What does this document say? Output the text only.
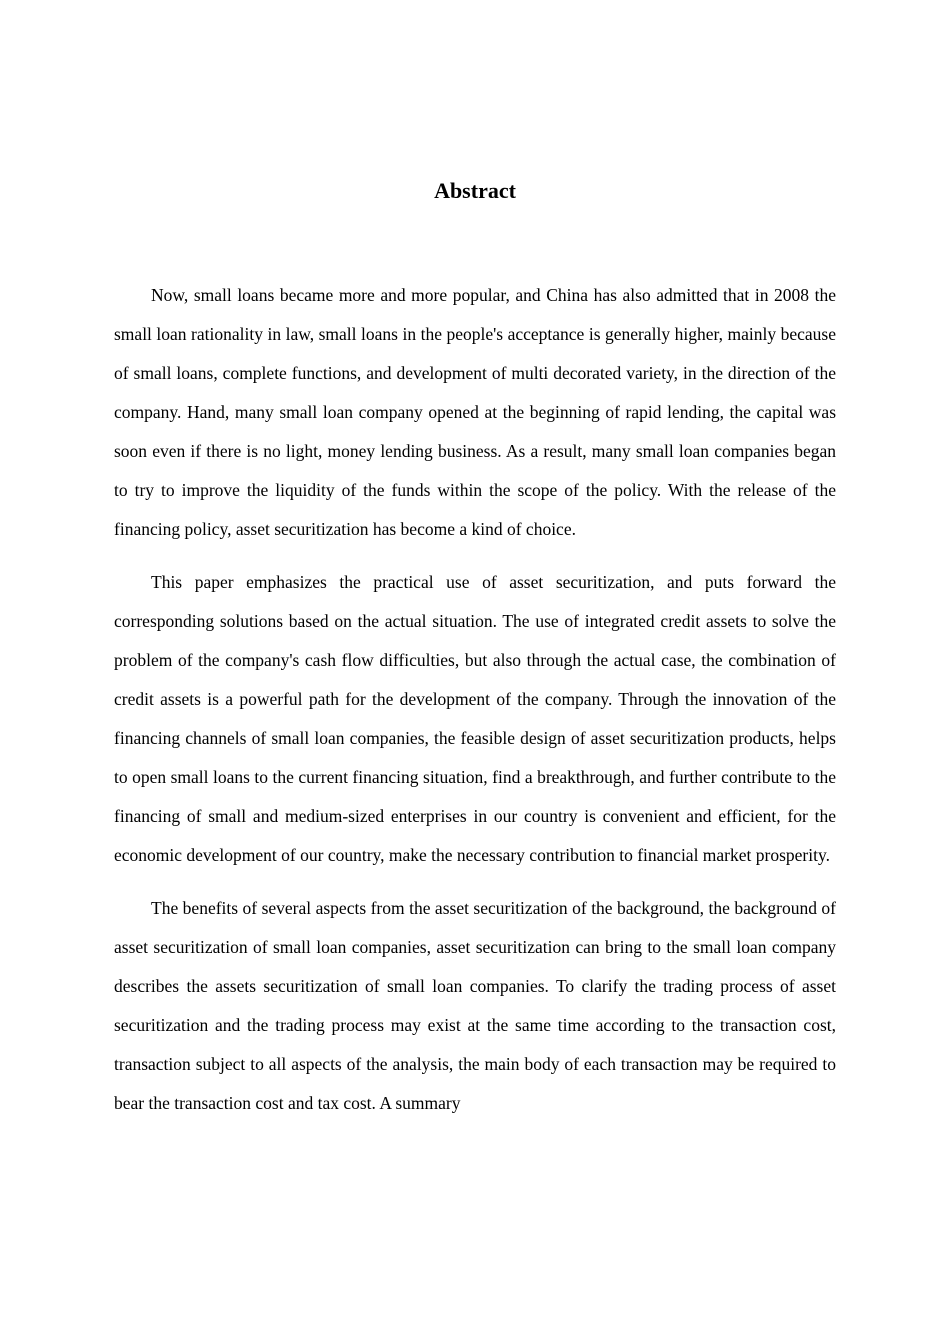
Abstract

Now, small loans became more and more popular, and China has also admitted that in 2008 the small loan rationality in law, small loans in the people's acceptance is generally higher, mainly because of small loans, complete functions, and development of multi decorated variety, in the direction of the company. Hand, many small loan company opened at the beginning of rapid lending, the capital was soon even if there is no light, money lending business. As a result, many small loan companies began to try to improve the liquidity of the funds within the scope of the policy. With the release of the financing policy, asset securitization has become a kind of choice.

This paper emphasizes the practical use of asset securitization, and puts forward the corresponding solutions based on the actual situation. The use of integrated credit assets to solve the problem of the company's cash flow difficulties, but also through the actual case, the combination of credit assets is a powerful path for the development of the company. Through the innovation of the financing channels of small loan companies, the feasible design of asset securitization products, helps to open small loans to the current financing situation, find a breakthrough, and further contribute to the financing of small and medium-sized enterprises in our country is convenient and efficient, for the economic development of our country, make the necessary contribution to financial market prosperity.

The benefits of several aspects from the asset securitization of the background, the background of asset securitization of small loan companies, asset securitization can bring to the small loan company describes the assets securitization of small loan companies. To clarify the trading process of asset securitization and the trading process may exist at the same time according to the transaction cost, transaction subject to all aspects of the analysis, the main body of each transaction may be required to bear the transaction cost and tax cost. A summary
